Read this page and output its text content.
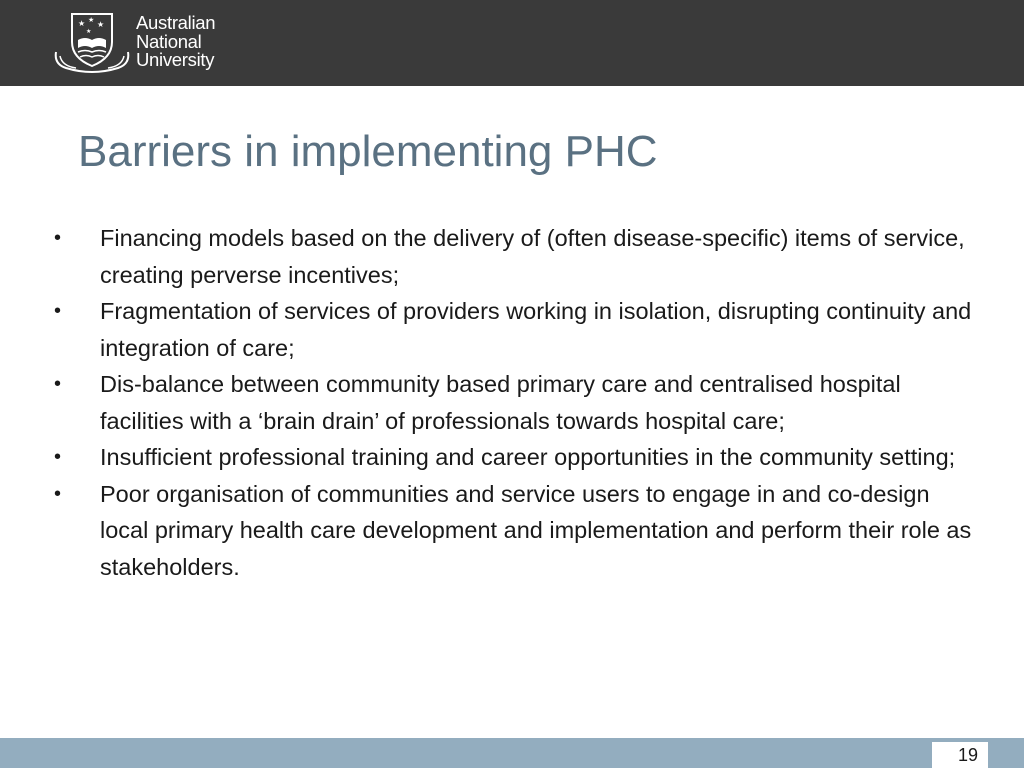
★ ★ ★
★ Australian
National
University
Barriers in implementing PHC
• Financing models based on the delivery of (often disease-specific) items of service, creating perverse incentives;
• Fragmentation of services of providers working in isolation, disrupting continuity and integration of care;
• Dis-balance between community based primary care and centralised hospital facilities with a ‘brain drain’ of professionals towards hospital care;
• Insufficient professional training and career opportunities in the community setting;
• Poor organisation of communities and service users to engage in and co-design local primary health care development and implementation and perform their role as stakeholders.
19
